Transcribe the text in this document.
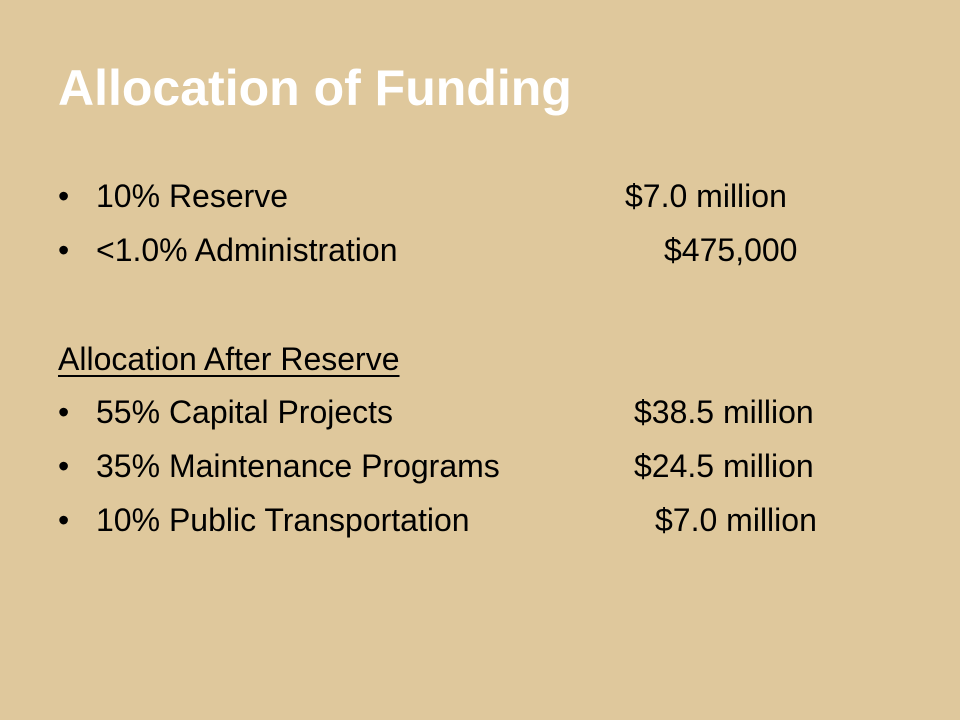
Allocation of Funding
• 10% Reserve	$7.0 million
• <1.0% Administration	$475,000
Allocation After Reserve
• 55% Capital Projects	$38.5 million
• 35% Maintenance Programs	$24.5 million
• 10% Public Transportation	$7.0 million
